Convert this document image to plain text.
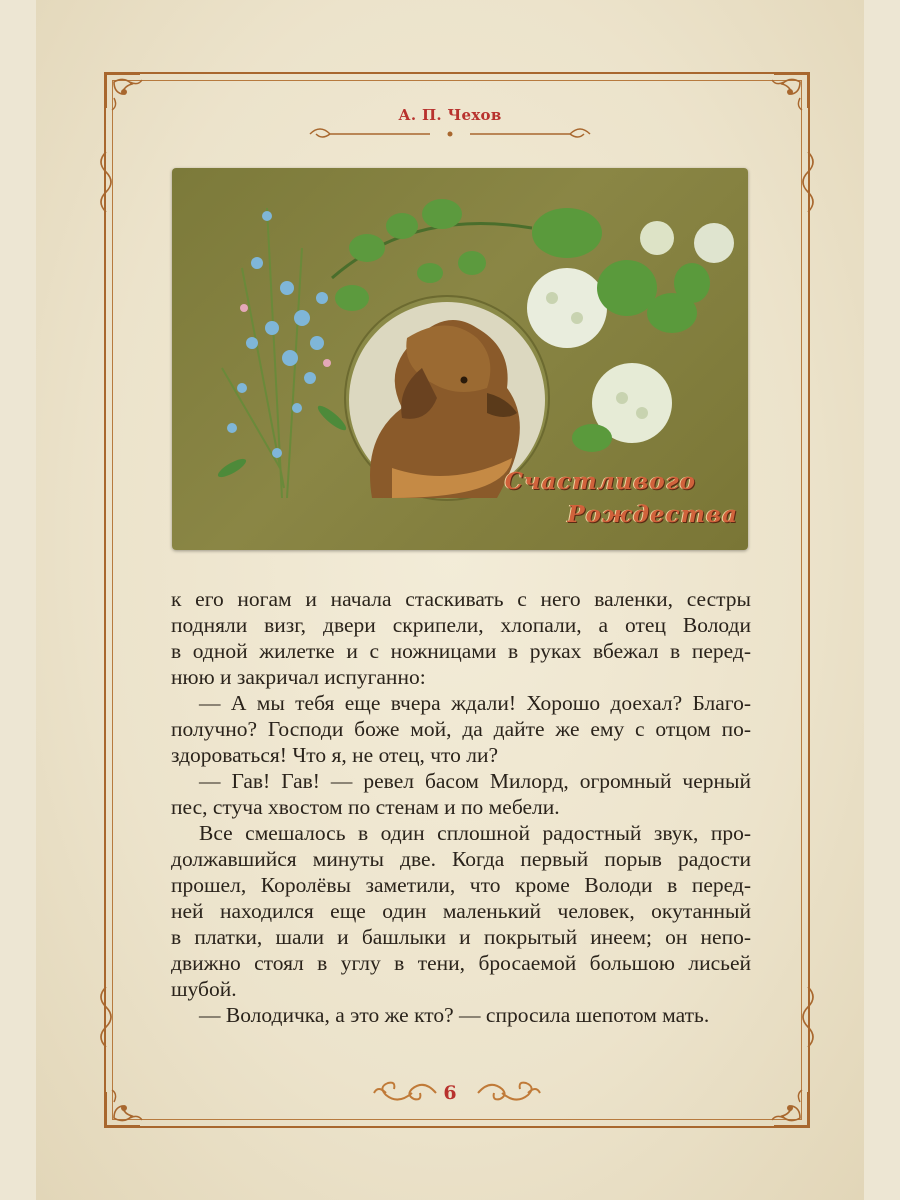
А. П. Чехов
Счастливого
Рождества
к его ногам и начала стаскивать с него валенки, сестры
подняли визг, двери скрипели, хлопали, а отец Володи
в одной жилетке и с ножницами в руках вбежал в перед-
нюю и закричал испуганно:
— А мы тебя еще вчера ждали! Хорошо доехал? Благо-
получно? Господи боже мой, да дайте же ему с отцом по-
здороваться! Что я, не отец, что ли?
— Гав! Гав! — ревел басом Милорд, огромный черный
пес, стуча хвостом по стенам и по мебели.
Все смешалось в один сплошной радостный звук, про-
должавшийся минуты две. Когда первый порыв радости
прошел, Королёвы заметили, что кроме Володи в перед-
ней находился еще один маленький человек, окутанный
в платки, шали и башлыки и покрытый инеем; он непо-
движно стоял в углу в тени, бросаемой большою лисьей
шубой.
— Володичка, а это же кто? — спросила шепотом мать.
6
